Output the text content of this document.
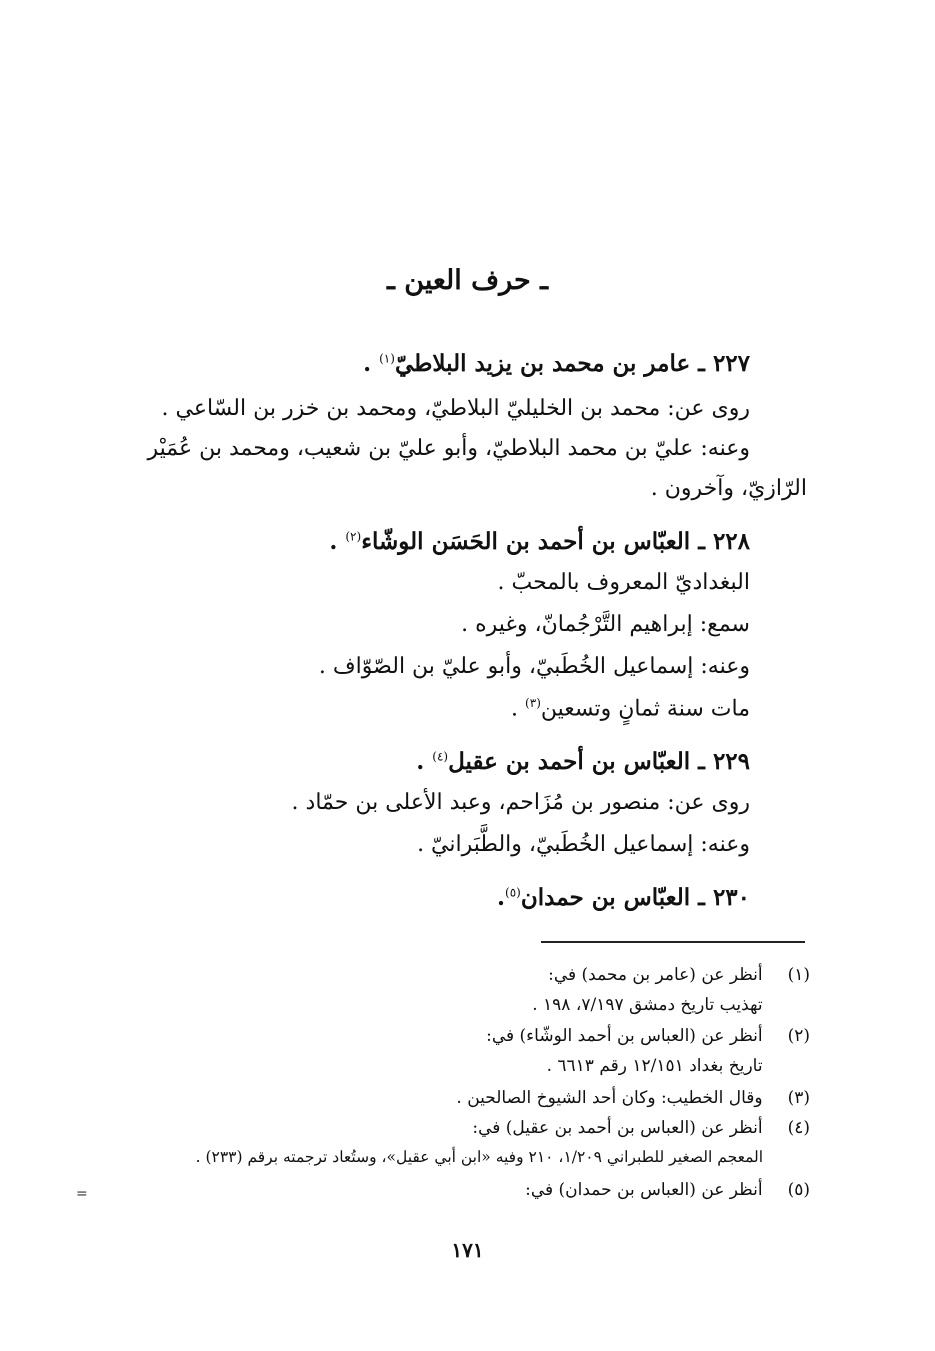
ـ حرف العين ـ
٢٢٧ ـ عامر بن محمد بن يزيد البلاطيّ$^{(١)}$ .
روى عن: محمد بن الخليليّ البلاطيّ، ومحمد بن خزر بن السّاعي .
وعنه: عليّ بن محمد البلاطيّ، وأبو عليّ بن شعيب، ومحمد بن عُمَيْر
الرّازيّ، وآخرون .
٢٢٨ ـ العبّاس بن أحمد بن الحَسَن الوشّاء$^{(٢)}$ .
البغداديّ المعروف بالمحبّ .
سمع: إبراهيم التَّرْجُمانّ، وغيره .
وعنه: إسماعيل الخُطَبيّ، وأبو عليّ بن الصّوّاف .
مات سنة ثمانٍ وتسعين$^{(٣)}$ .
٢٢٩ ـ العبّاس بن أحمد بن عقيل$^{(٤)}$ .
روى عن: منصور بن مُزَاحم، وعبد الأعلى بن حمّاد .
وعنه: إسماعيل الخُطَبيّ، والطَّبَرانيّ .
٢٣٠ ـ العبّاس بن حمدان$^{(٥)}$.
(١) أنظر عن (عامر بن محمد) في:
تهذيب تاريخ دمشق ٧/١٩٧، ١٩٨ .
(٢) أنظر عن (العباس بن أحمد الوشّاء) في:
تاريخ بغداد ١٢/١٥١ رقم ٦٦١٣ .
(٣) وقال الخطيب: وكان أحد الشيوخ الصالحين .
(٤) أنظر عن (العباس بن أحمد بن عقيل) في:
المعجم الصغير للطبراني ١/٢٠٩، ٢١٠ وفيه «ابن أبي عقيل»، وستُعاد ترجمته برقم (٢٣٣) .
(٥) أنظر عن (العباس بن حمدان) في:
=
١٧١
